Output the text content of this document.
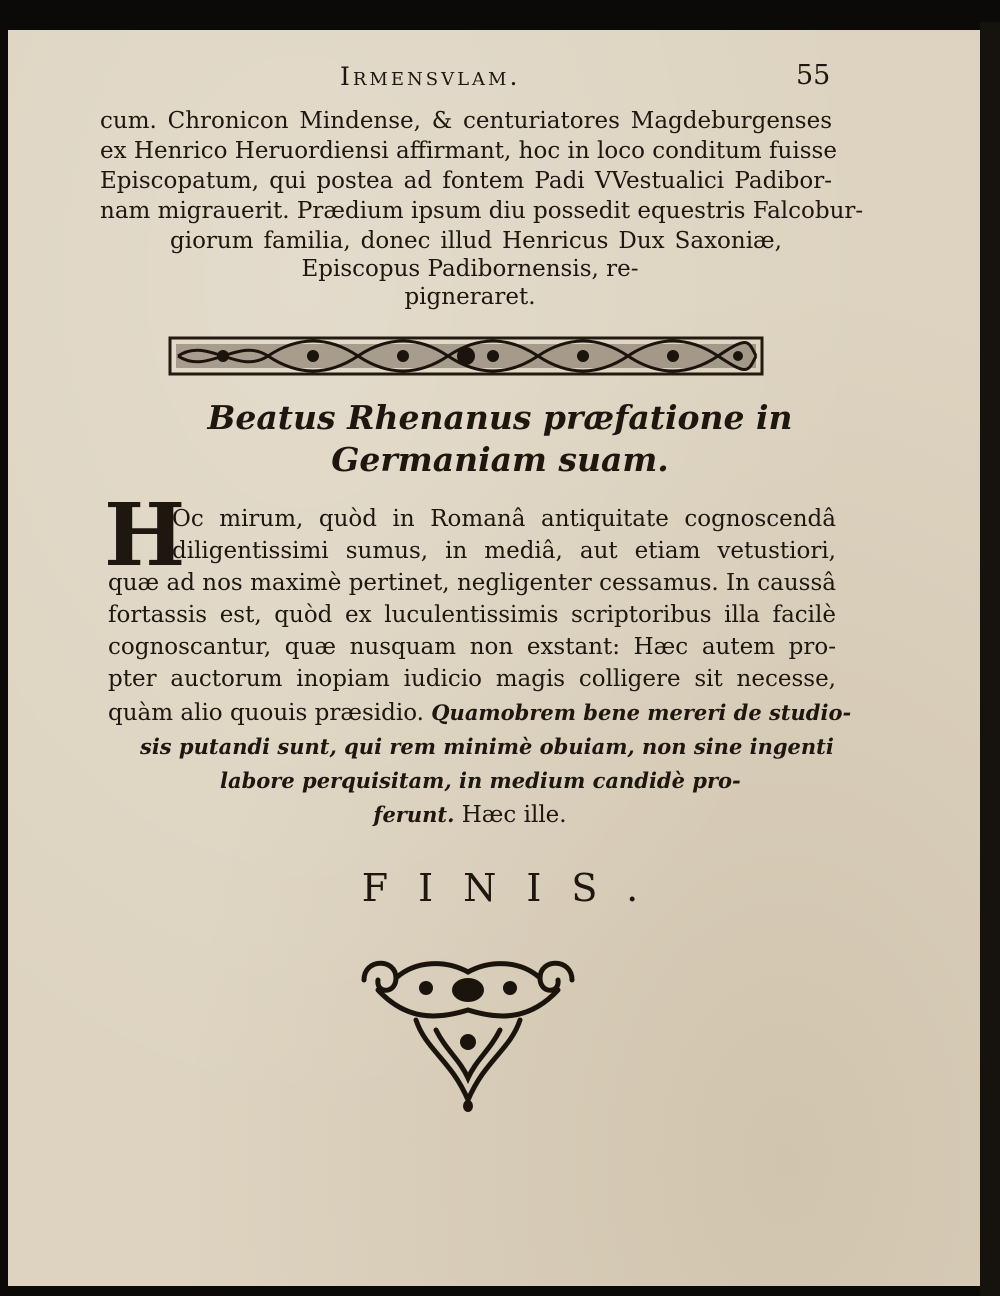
Irmensvlam.	55
cum. Chronicon Mindense, & centuriatores Magdeburgenses
ex Henrico Heruordiensi affirmant, hoc in loco conditum fuisse
Episcopatum, qui postea ad fontem Padi VVestualici Padibor-
nam migrauerit. Prædium ipsum diu possedit equestris Falcobur-
giorum familia, donec illud Henricus Dux Saxoniæ,
Episcopus Padibornensis, re-
pigneraret.
Beatus Rhenanus præfatione in
Germaniam suam.
H
Oc mirum, quòd in Romanâ antiquitate cognoscendâ
diligentissimi sumus, in mediâ, aut etiam vetustiori,
quæ ad nos maximè pertinet, negligenter cessamus. In caussâ
fortassis est, quòd ex luculentissimis scriptoribus illa facilè
cognoscantur, quæ nusquam non exstant: Hæc autem pro-
pter auctorum inopiam iudicio magis colligere sit necesse,
quàm alio quouis præsidio. Quamobrem bene mereri de studio-
sis putandi sunt, qui rem minimè obuiam, non sine ingenti
labore perquisitam, in medium candidè pro-
ferunt. Hæc ille.
FINIS.
